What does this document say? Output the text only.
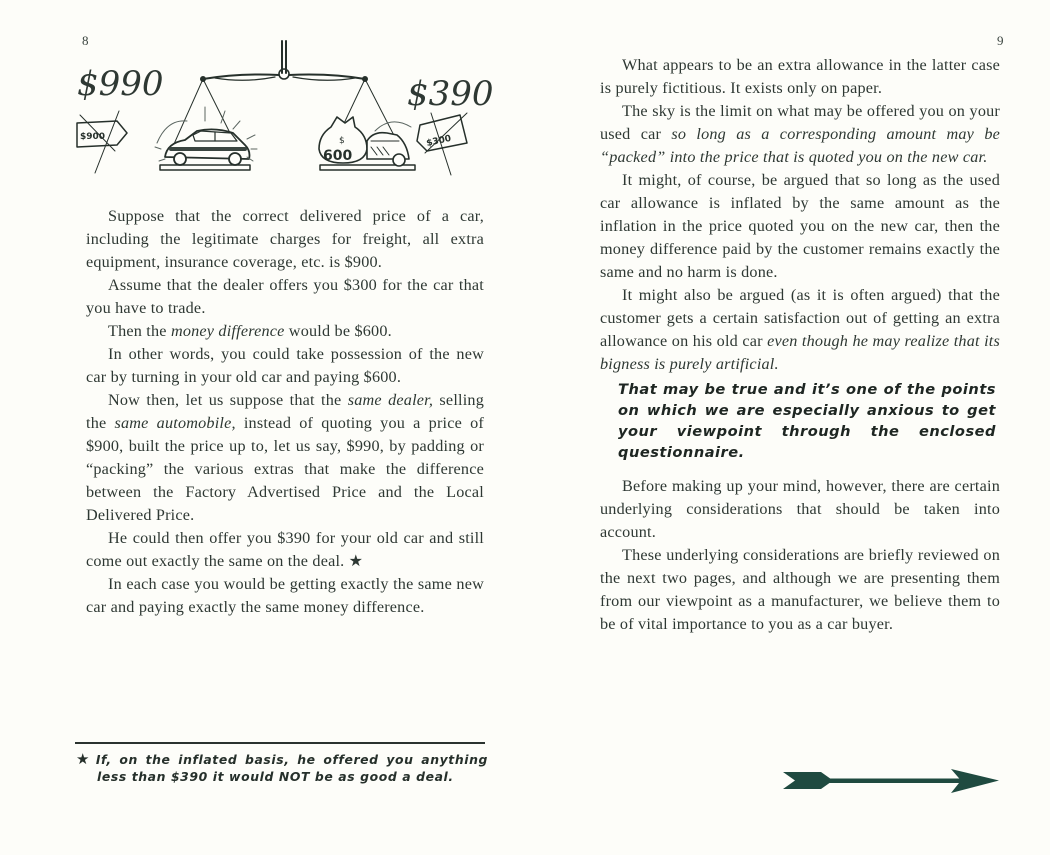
8
$900
$990
$
600
$300
$390

Suppose that the correct delivered price of a car, including the legitimate charges for freight, all extra equipment, insurance coverage, etc. is $900.

Assume that the dealer offers you $300 for the car that you have to trade.

Then the money difference would be $600.

In other words, you could take possession of the new car by turning in your old car and paying $600.

Now then, let us suppose that the same dealer, selling the same automobile, instead of quoting you a price of $900, built the price up to, let us say, $990, by padding or “packing” the various extras that make the difference between the Factory Advertised Price and the Local Delivered Price.

He could then offer you $390 for your old car and still come out exactly the same on the deal. ★

In each case you would be getting exactly the same new car and paying exactly the same money difference.

★ If, on the inflated basis, he offered you anything less than $390 it would NOT be as good a deal.
9

What appears to be an extra allowance in the latter case is purely fictitious. It exists only on paper.

The sky is the limit on what may be offered you on your used car so long as a corresponding amount may be “packed” into the price that is quoted you on the new car.

It might, of course, be argued that so long as the used car allowance is inflated by the same amount as the inflation in the price quoted you on the new car, then the money difference paid by the customer remains exactly the same and no harm is done.

It might also be argued (as it is often argued) that the customer gets a certain satisfaction out of getting an extra allowance on his old car even though he may realize that its bigness is purely artificial.

That may be true and it’s one of the points on which we are especially anxious to get your viewpoint through the enclosed questionnaire.

Before making up your mind, however, there are certain underlying considerations that should be taken into account.

These underlying considerations are briefly reviewed on the next two pages, and although we are presenting them from our viewpoint as a manufacturer, we believe them to be of vital importance to you as a car buyer.
